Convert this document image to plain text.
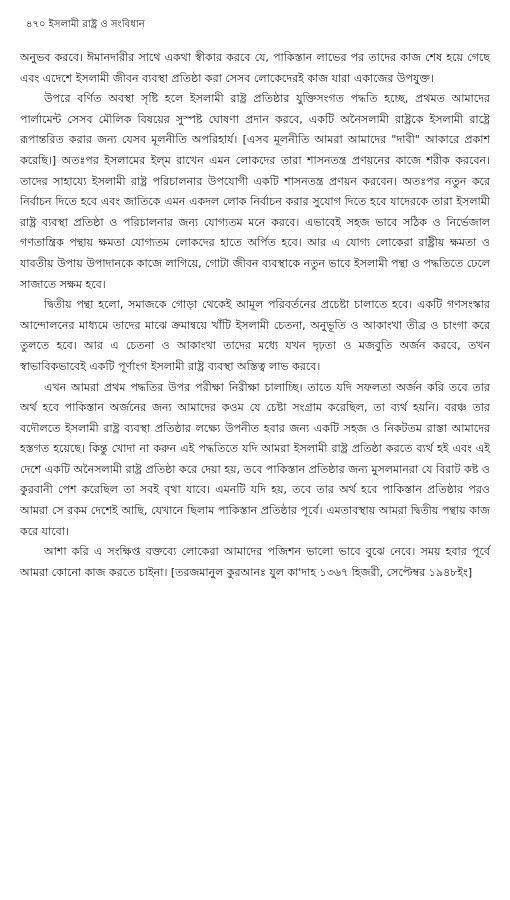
৪৭০ ইসলামী রাষ্ট্র ও সংবিধান

অনুভব করবে। ঈমানদারীর সাথে একথা স্বীকার করবে যে, পাকিস্তান লাভের পর তাদের কাজ শেষ হয়ে গেছে এবং এদেশে ইসলামী জীবন ব্যবস্থা প্রতিষ্ঠা করা সেসব লোকেদেরই কাজ যারা একাজের উপযুক্ত।

উপরে বর্ণিত অবস্থা সৃষ্টি হলে ইসলামী রাষ্ট্র প্রতিষ্ঠার যুক্তিসংগত পদ্ধতি হচ্ছে, প্রথমত আমাদের পার্লামেন্ট সেসব মৌলিক বিষয়ের সুস্পষ্ট ঘোষণা প্রদান করবে, একটি অনৈসলামী রাষ্ট্রকে ইসলামী রাষ্ট্রে রূপান্তরিত করার জন্য যেসব মূলনীতি অপরিহার্য। [এসব মূলনীতি আমরা আমাদের "দাবী" আকারে প্রকাশ করেছি।] অতঃপর ইসলামের ইল্‌ম রাখেন এমন লোকদের তারা শাসনতন্ত্র প্রণয়নের কাজে শরীক করবেন। তাদের সাহায্যে ইসলামী রাষ্ট্র পরিচালনার উপযোগী একটি শাসনতন্ত্র প্রণয়ন করবেন। অতঃপর নতুন করে নির্বাচন দিতে হবে এবং জাতিকে এমন একদল লোক নির্বাচন করার সুযোগ দিতে হবে যাদেরকে তারা ইসলামী রাষ্ট্র ব্যবস্থা প্রতিষ্ঠা ও পরিচালনার জন্য যোগ্যতম মনে করবে। এভাবেই সহজ ভাবে সঠিক ও নির্ভেজাল গণতান্ত্রিক পন্থায় ক্ষমতা যোগ্যতম লোকদের হাতে অর্পিত হবে। আর এ যোগ্য লোকেরা রাষ্ট্রীয় ক্ষমতা ও যাবতীয় উপায় উপাদানকে কাজে লাগিয়ে, গোটা জীবন ব্যবস্থাকে নতুন ভাবে ইসলামী পন্থা ও পদ্ধতিতে ঢেলে সাজাতে সক্ষম হবে।

দ্বিতীয় পন্থা হলো, সমাজকে গোড়া থেকেই আমূল পরিবর্তনের প্রচেষ্টা চালাতে হবে। একটি গণসংস্কার আন্দোলনের মাধ্যমে তাদের মাঝে ক্রমান্বয়ে খাঁটি ইসলামী চেতনা, অনুভূতি ও আকাংখা তীব্র ও চাংগা করে তুলতে হবে। আর এ চেতনা ও আকাংখা তাদের মধ্যে যখন দৃঢ়তা ও মজবুতি অর্জন করবে, তখন স্বাভাবিকভাবেই একটি পূর্ণাংগ ইসলামী রাষ্ট্র ব্যবস্থা অস্তিত্ব লাভ করবে।

এখন আমরা প্রথম পদ্ধতির উপর পরীক্ষা নিরীক্ষা চালাচ্ছি। তাতে যদি সফলতা অর্জন করি তবে তার অর্থ হবে পাকিস্তান অর্জনের জন্য আমাদের কওম যে চেষ্টা সংগ্রাম করেছিল, তা ব্যর্থ হয়নি। বরঞ্চ তার বদৌলতে ইসলামী রাষ্ট্র ব্যবস্থা প্রতিষ্ঠার লক্ষ্যে উপনীত হবার জন্য একটি সহজ ও নিকটতম রাস্তা আমাদের হস্তগত হয়েছে। কিন্তু খোদা না করুন এই পদ্ধতিতে যদি আমরা ইসলামী রাষ্ট্র প্রতিষ্ঠা করতে ব্যর্থ হই এবং এই দেশে একটি অনৈসলামী রাষ্ট্র প্রতিষ্ঠা করে দেয়া হয়, তবে পাকিস্তান প্রতিষ্ঠার জন্য মুসলমানরা যে বিরাট কষ্ট ও কুরবানী পেশ করেছিল তা সবই বৃথা যাবে। এমনটি যদি হয়, তবে তার অর্থ হবে পাকিস্তান প্রতিষ্ঠার পরও আমরা সে রকম দেশেই আছি, যেখানে ছিলাম পাকিস্তান প্রতিষ্ঠার পূর্বে। এমতাবস্থায় আমরা দ্বিতীয় পন্থায় কাজ করে যাবো।

আশা করি এ সংক্ষিপ্ত বক্তব্যে লোকেরা আমাদের পজিশন ভালো ভাবে বুঝে নেবে। সময় হবার পূর্বে আমরা কোনো কাজ করতে চাইনা। [তরজমানুল কুরআনঃ যুল কা'দাহ ১৩৬৭ হিজরী, সেপ্টেম্বর ১৯৪৮ইং]
